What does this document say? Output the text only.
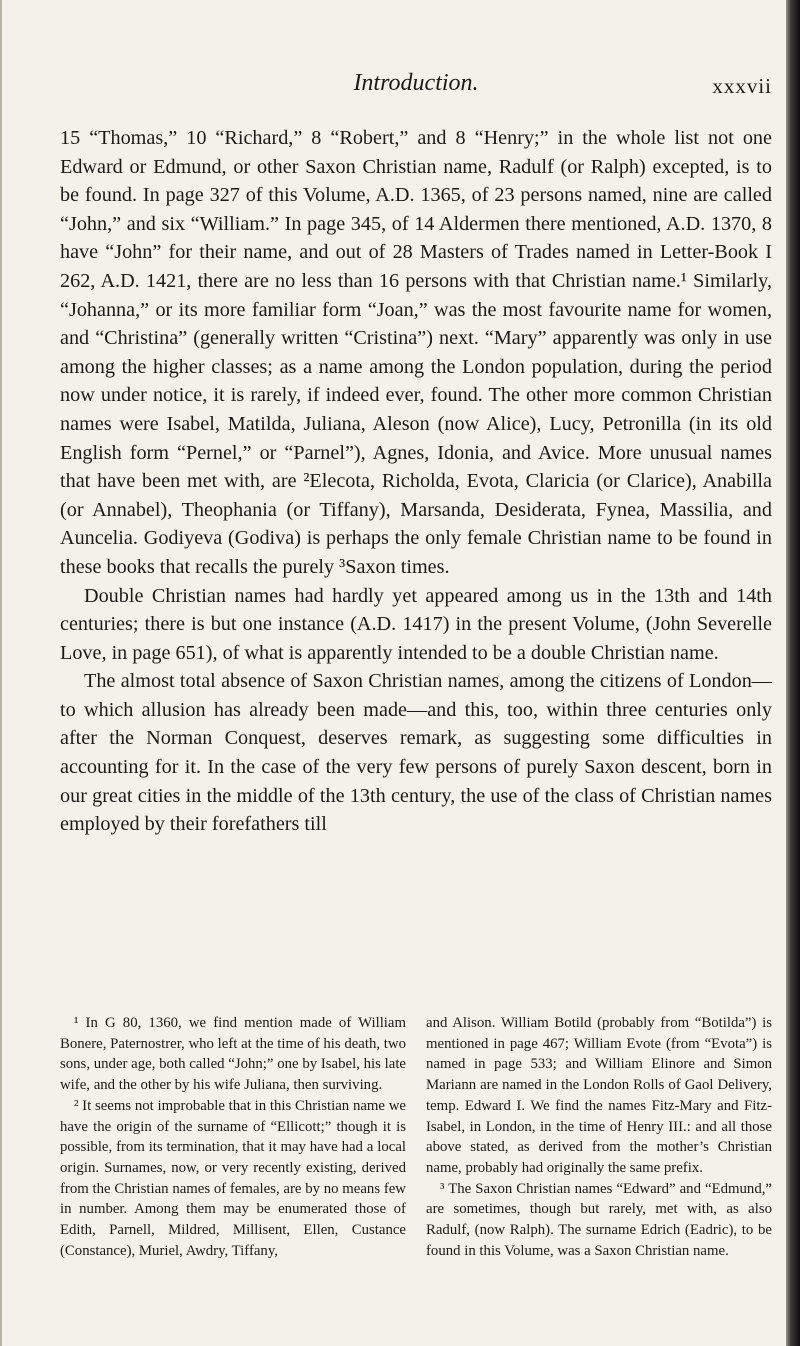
Introduction.	xxxvii

15 “Thomas,” 10 “Richard,” 8 “Robert,” and 8 “Henry;” in the whole list not one Edward or Edmund, or other Saxon Christian name, Radulf (or Ralph) excepted, is to be found. In page 327 of this Volume, A.D. 1365, of 23 persons named, nine are called “John,” and six “William.” In page 345, of 14 Aldermen there mentioned, A.D. 1370, 8 have “John” for their name, and out of 28 Masters of Trades named in Letter-Book I 262, A.D. 1421, there are no less than 16 persons with that Christian name.¹ Similarly, “Johanna,” or its more familiar form “Joan,” was the most favourite name for women, and “Christina” (generally written “Cristina”) next. “Mary” apparently was only in use among the higher classes; as a name among the London population, during the period now under notice, it is rarely, if indeed ever, found. The other more common Christian names were Isabel, Matilda, Juliana, Aleson (now Alice), Lucy, Petronilla (in its old English form “Pernel,” or “Parnel”), Agnes, Idonia, and Avice. More unusual names that have been met with, are ²Elecota, Richolda, Evota, Claricia (or Clarice), Anabilla (or Annabel), Theophania (or Tiffany), Marsanda, Desiderata, Fynea, Massilia, and Auncelia. Godiyeva (Godiva) is perhaps the only female Christian name to be found in these books that recalls the purely ³Saxon times.

Double Christian names had hardly yet appeared among us in the 13th and 14th centuries; there is but one instance (A.D. 1417) in the present Volume, (John Severelle Love, in page 651), of what is apparently intended to be a double Christian name.

The almost total absence of Saxon Christian names, among the citizens of London—to which allusion has already been made—and this, too, within three centuries only after the Norman Conquest, deserves remark, as suggesting some difficulties in accounting for it. In the case of the very few persons of purely Saxon descent, born in our great cities in the middle of the 13th century, the use of the class of Christian names employed by their forefathers till

¹ In G 80, 1360, we find mention made of William Bonere, Paternostrer, who left at the time of his death, two sons, under age, both called “John;” one by Isabel, his late wife, and the other by his wife Juliana, then surviving.

² It seems not improbable that in this Christian name we have the origin of the surname of “Ellicott;” though it is possible, from its termination, that it may have had a local origin. Surnames, now, or very recently existing, derived from the Christian names of females, are by no means few in number. Among them may be enumerated those of Edith, Parnell, Mildred, Millisent, Ellen, Custance (Constance), Muriel, Awdry, Tiffany,

and Alison. William Botild (probably from “Botilda”) is mentioned in page 467; William Evote (from “Evota”) is named in page 533; and William Elinore and Simon Mariann are named in the London Rolls of Gaol Delivery, temp. Edward I. We find the names Fitz-Mary and Fitz-Isabel, in London, in the time of Henry III.: and all those above stated, as derived from the mother’s Christian name, probably had originally the same prefix.

³ The Saxon Christian names “Edward” and “Edmund,” are sometimes, though but rarely, met with, as also Radulf, (now Ralph). The surname Edrich (Eadric), to be found in this Volume, was a Saxon Christian name.
